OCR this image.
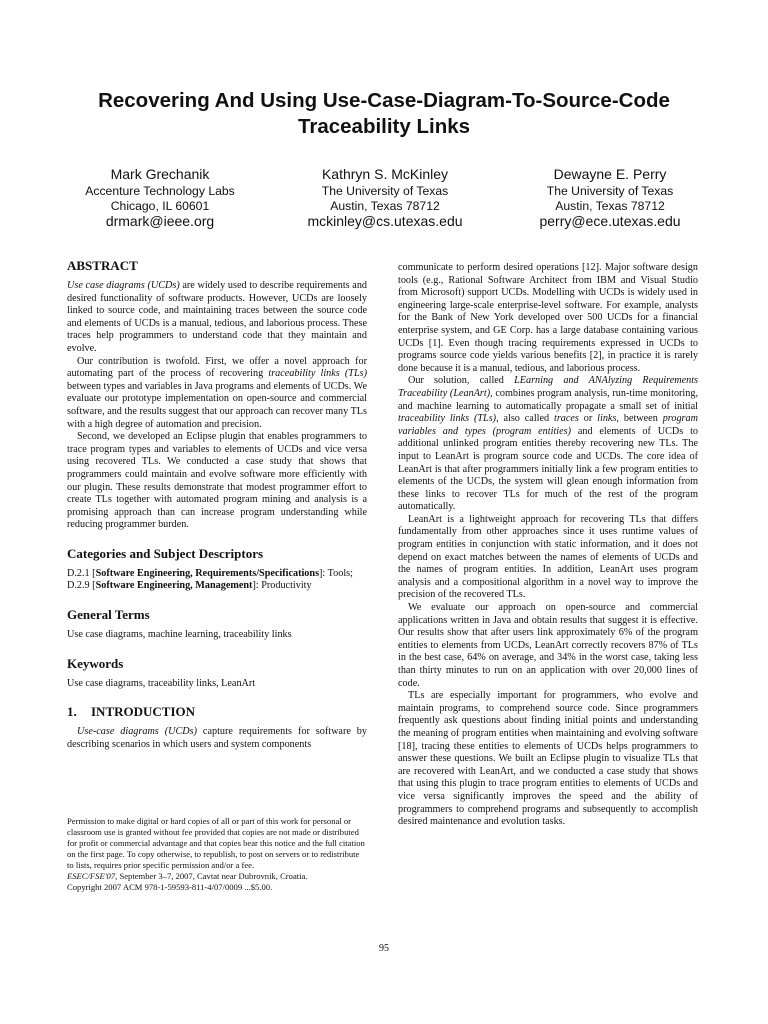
Recovering And Using Use-Case-Diagram-To-Source-Code Traceability Links
Mark Grechanik
Accenture Technology Labs
Chicago, IL 60601
drmark@ieee.org
Kathryn S. McKinley
The University of Texas
Austin, Texas 78712
mckinley@cs.utexas.edu
Dewayne E. Perry
The University of Texas
Austin, Texas 78712
perry@ece.utexas.edu
ABSTRACT

Use case diagrams (UCDs) are widely used to describe requirements and desired functionality of software products. However, UCDs are loosely linked to source code, and maintaining traces between the source code and elements of UCDs is a manual, tedious, and laborious process. These traces help programmers to understand code that they maintain and evolve.

Our contribution is twofold. First, we offer a novel approach for automating part of the process of recovering traceability links (TLs) between types and variables in Java programs and elements of UCDs. We evaluate our prototype implementation on open-source and commercial software, and the results suggest that our approach can recover many TLs with a high degree of automation and precision.

Second, we developed an Eclipse plugin that enables programmers to trace program types and variables to elements of UCDs and vice versa using recovered TLs. We conducted a case study that shows that programmers could maintain and evolve software more efficiently with our plugin. These results demonstrate that modest programmer effort to create TLs together with automated program mining and analysis is a promising approach than can increase program understanding while reducing programmer burden.

Categories and Subject Descriptors

D.2.1 [Software Engineering, Requirements/Specifications]: Tools;

D.2.9 [Software Engineering, Management]: Productivity

General Terms

Use case diagrams, machine learning, traceability links

Keywords

Use case diagrams, traceability links, LeanArt

1. INTRODUCTION

Use-case diagrams (UCDs) capture requirements for software by describing scenarios in which users and system components

Permission to make digital or hard copies of all or part of this work for personal or classroom use is granted without fee provided that copies are not made or distributed for profit or commercial advantage and that copies bear this notice and the full citation on the first page. To copy otherwise, to republish, to post on servers or to redistribute to lists, requires prior specific permission and/or a fee.

ESEC/FSE'07, September 3–7, 2007, Cavtat near Dubrovnik, Croatia.

Copyright 2007 ACM 978-1-59593-811-4/07/0009 ...$5.00.

communicate to perform desired operations [12]. Major software design tools (e.g., Rational Software Architect from IBM and Visual Studio from Microsoft) support UCDs. Modelling with UCDs is widely used in engineering large-scale enterprise-level software. For example, analysts for the Bank of New York developed over 500 UCDs for a financial enterprise system, and GE Corp. has a large database containing various UCDs [1]. Even though tracing requirements expressed in UCDs to programs source code yields various benefits [2], in practice it is rarely done because it is a manual, tedious, and laborious process.

Our solution, called LEarning and ANAlyzing Requirements Traceability (LeanArt), combines program analysis, run-time monitoring, and machine learning to automatically propagate a small set of initial traceability links (TLs), also called traces or links, between program variables and types (program entities) and elements of UCDs to additional unlinked program entities thereby recovering new TLs. The input to LeanArt is program source code and UCDs. The core idea of LeanArt is that after programmers initially link a few program entities to elements of the UCDs, the system will glean enough information from these links to recover TLs for much of the rest of the program automatically.

LeanArt is a lightweight approach for recovering TLs that differs fundamentally from other approaches since it uses runtime values of program entities in conjunction with static information, and it does not depend on exact matches between the names of elements of UCDs and the names of program entities. In addition, LeanArt uses program analysis and a compositional algorithm in a novel way to improve the precision of the recovered TLs.

We evaluate our approach on open-source and commercial applications written in Java and obtain results that suggest it is effective. Our results show that after users link approximately 6% of the program entities to elements from UCDs, LeanArt correctly recovers 87% of TLs in the best case, 64% on average, and 34% in the worst case, taking less than thirty minutes to run on an application with over 20,000 lines of code.

TLs are especially important for programmers, who evolve and maintain programs, to comprehend source code. Since programmers frequently ask questions about finding initial points and understanding the meaning of program entities when maintaining and evolving software [18], tracing these entities to elements of UCDs helps programmers to answer these questions. We built an Eclipse plugin to visualize TLs that are recovered with LeanArt, and we conducted a case study that shows that using this plugin to trace program entities to elements of UCDs and vice versa significantly improves the speed and the ability of programmers to comprehend programs and subsequently to accomplish desired maintenance and evolution tasks.

95
